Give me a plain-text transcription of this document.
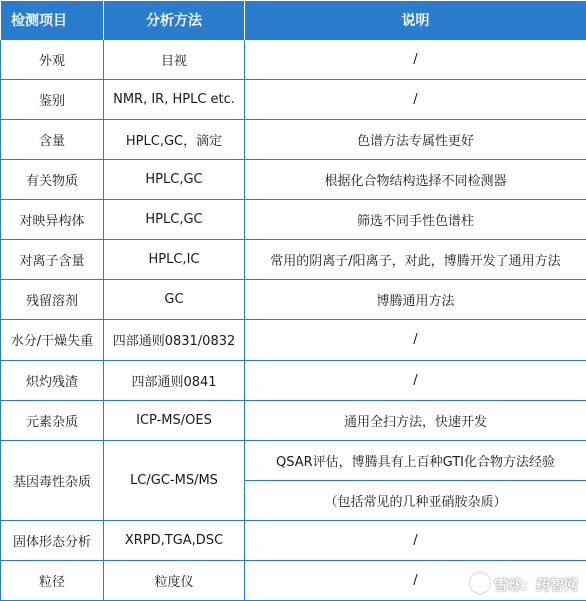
检测项目	分析方法	说明
外观	目视	/
鉴别	NMR, IR, HPLC etc.	/
含量	HPLC,GC，滴定	色谱方法专属性更好
有关物质	HPLC,GC	根据化合物结构选择不同检测器
对映异构体	HPLC,GC	筛选不同手性色谱柱
对离子含量	HPLC,IC	常用的阴离子/阳离子，对此，博腾开发了通用方法
残留溶剂	GC	博腾通用方法
水分/干燥失重	四部通则0831/0832	/
炽灼残渣	四部通则0841	/
元素杂质	ICP-MS/OES	通用全扫方法，快速开发
基因毒性杂质	LC/GC-MS/MS	QSAR评估，博腾具有上百种GTI化合物方法经验
		（包括常见的几种亚硝胺杂质）
固体形态分析	XRPD,TGA,DSC	/
粒径	粒度仪	/	雪球：药智网
